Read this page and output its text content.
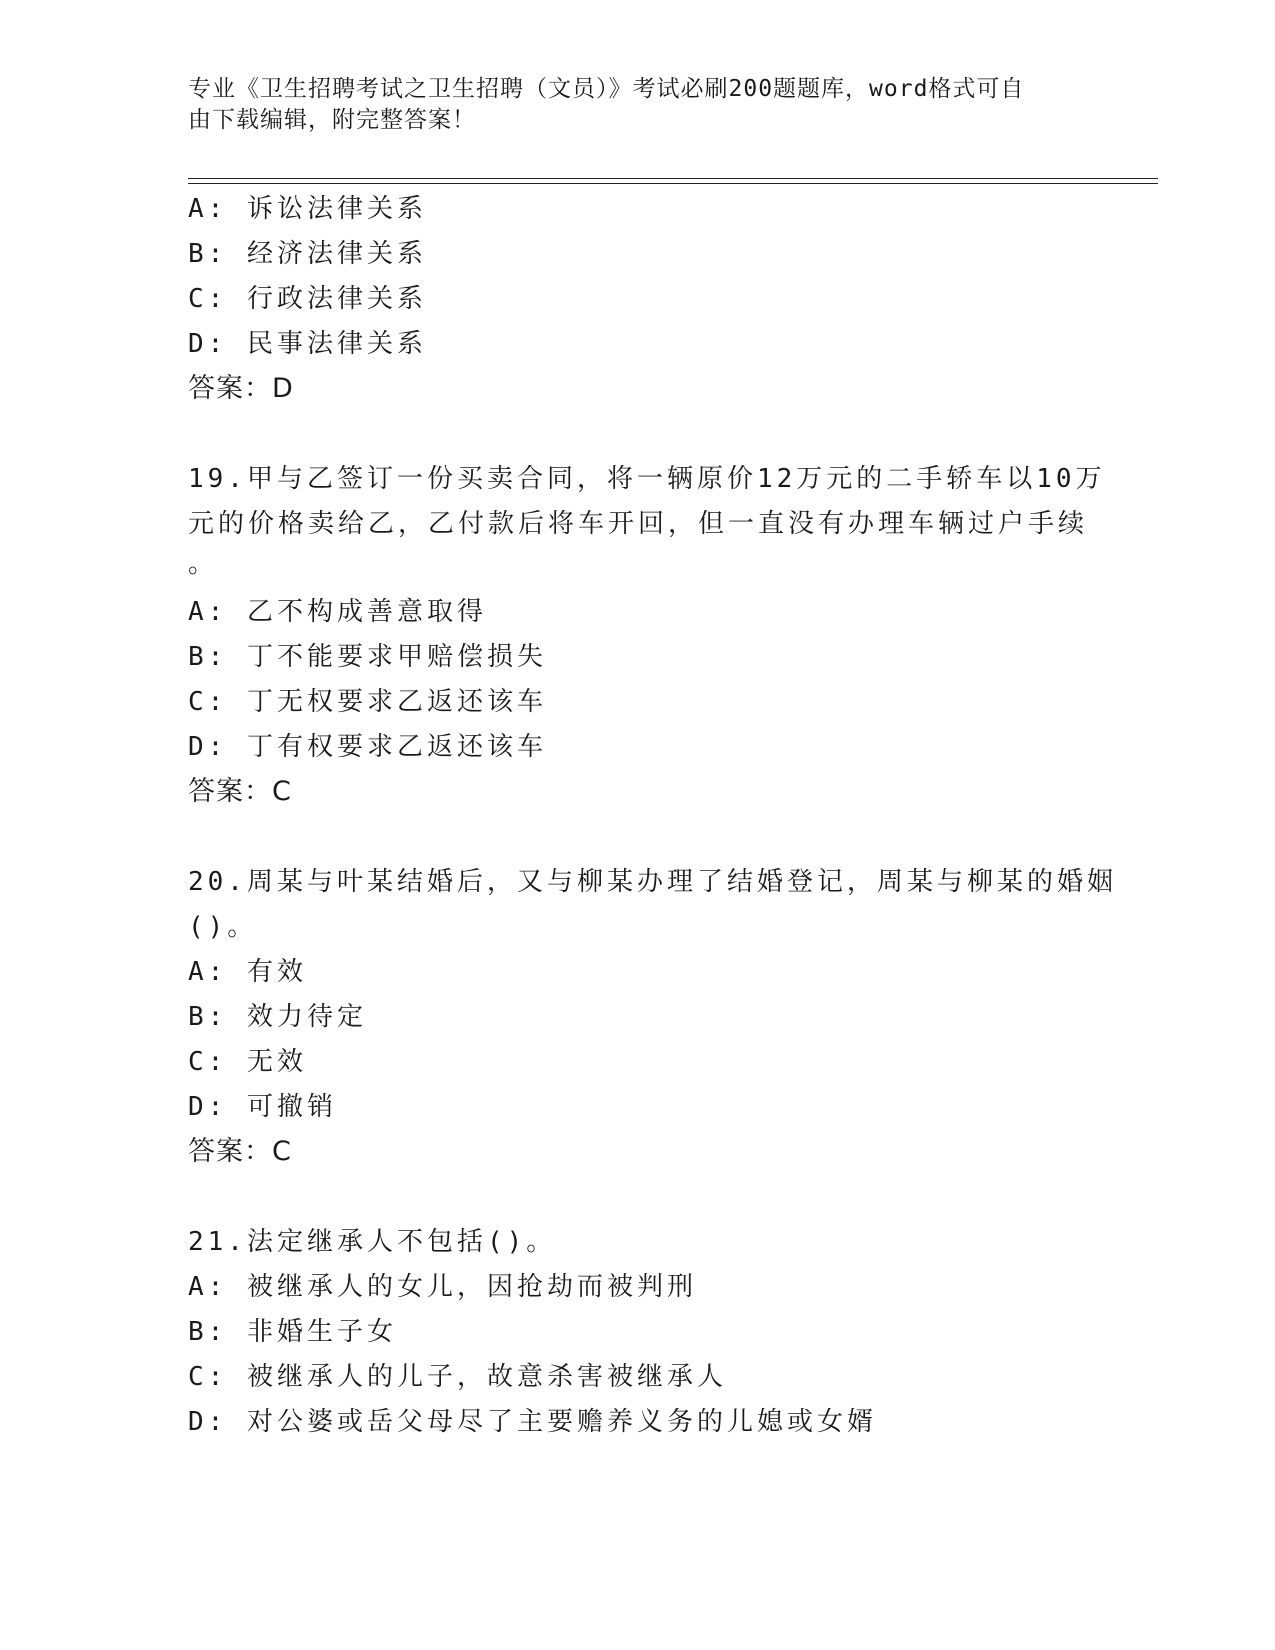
专业《卫生招聘考试之卫生招聘（文员）》考试必刷200题题库，word格式可自
由下载编辑，附完整答案！
A: 诉讼法律关系
B: 经济法律关系
C: 行政法律关系
D: 民事法律关系
答案：D
19.甲与乙签订一份买卖合同，将一辆原价12万元的二手轿车以10万
元的价格卖给乙，乙付款后将车开回，但一直没有办理车辆过户手续
。
A: 乙不构成善意取得
B: 丁不能要求甲赔偿损失
C: 丁无权要求乙返还该车
D: 丁有权要求乙返还该车
答案：C
20.周某与叶某结婚后，又与柳某办理了结婚登记，周某与柳某的婚姻
()。
A: 有效
B: 效力待定
C: 无效
D: 可撤销
答案：C
21.法定继承人不包括()。
A: 被继承人的女儿，因抢劫而被判刑
B: 非婚生子女
C: 被继承人的儿子，故意杀害被继承人
D: 对公婆或岳父母尽了主要赡养义务的儿媳或女婿
